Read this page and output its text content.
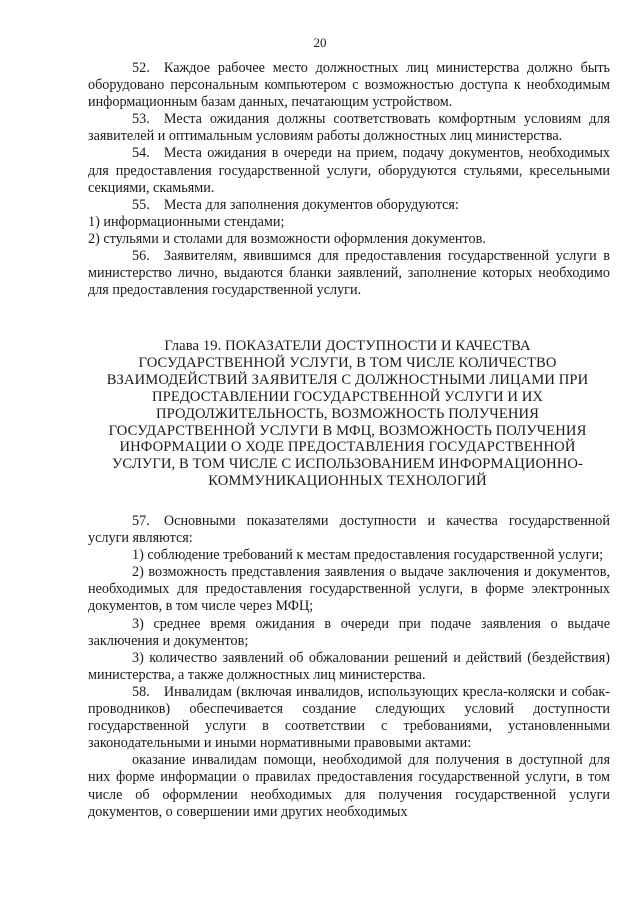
20

52. Каждое рабочее место должностных лиц министерства должно быть оборудовано персональным компьютером с возможностью доступа к необходимым информационным базам данных, печатающим устройством.

53. Места ожидания должны соответствовать комфортным условиям для заявителей и оптимальным условиям работы должностных лиц министерства.

54. Места ожидания в очереди на прием, подачу документов, необходимых для предоставления государственной услуги, оборудуются стульями, кресельными секциями, скамьями.

55. Места для заполнения документов оборудуются:

1) информационными стендами;

2) стульями и столами для возможности оформления документов.

56. Заявителям, явившимся для предоставления государственной услуги в министерство лично, выдаются бланки заявлений, заполнение которых необходимо для предоставления государственной услуги.

Глава 19. ПОКАЗАТЕЛИ ДОСТУПНОСТИ И КАЧЕСТВА ГОСУДАРСТВЕННОЙ УСЛУГИ, В ТОМ ЧИСЛЕ КОЛИЧЕСТВО ВЗАИМОДЕЙСТВИЙ ЗАЯВИТЕЛЯ С ДОЛЖНОСТНЫМИ ЛИЦАМИ ПРИ ПРЕДОСТАВЛЕНИИ ГОСУДАРСТВЕННОЙ УСЛУГИ И ИХ ПРОДОЛЖИТЕЛЬНОСТЬ, ВОЗМОЖНОСТЬ ПОЛУЧЕНИЯ ГОСУДАРСТВЕННОЙ УСЛУГИ В МФЦ, ВОЗМОЖНОСТЬ ПОЛУЧЕНИЯ ИНФОРМАЦИИ О ХОДЕ ПРЕДОСТАВЛЕНИЯ ГОСУДАРСТВЕННОЙ УСЛУГИ, В ТОМ ЧИСЛЕ С ИСПОЛЬЗОВАНИЕМ ИНФОРМАЦИОННО-КОММУНИКАЦИОННЫХ ТЕХНОЛОГИЙ

57. Основными показателями доступности и качества государственной услуги являются:

1) соблюдение требований к местам предоставления государственной услуги;

2) возможность представления заявления о выдаче заключения и документов, необходимых для предоставления государственной услуги, в форме электронных документов, в том числе через МФЦ;

3) среднее время ожидания в очереди при подаче заявления о выдаче заключения и документов;

3) количество заявлений об обжаловании решений и действий (бездействия) министерства, а также должностных лиц министерства.

58. Инвалидам (включая инвалидов, использующих кресла-коляски и собак-проводников) обеспечивается создание следующих условий доступности государственной услуги в соответствии с требованиями, установленными законодательными и иными нормативными правовыми актами:

оказание инвалидам помощи, необходимой для получения в доступной для них форме информации о правилах предоставления государственной услуги, в том числе об оформлении необходимых для получения государственной услуги документов, о совершении ими других необходимых
